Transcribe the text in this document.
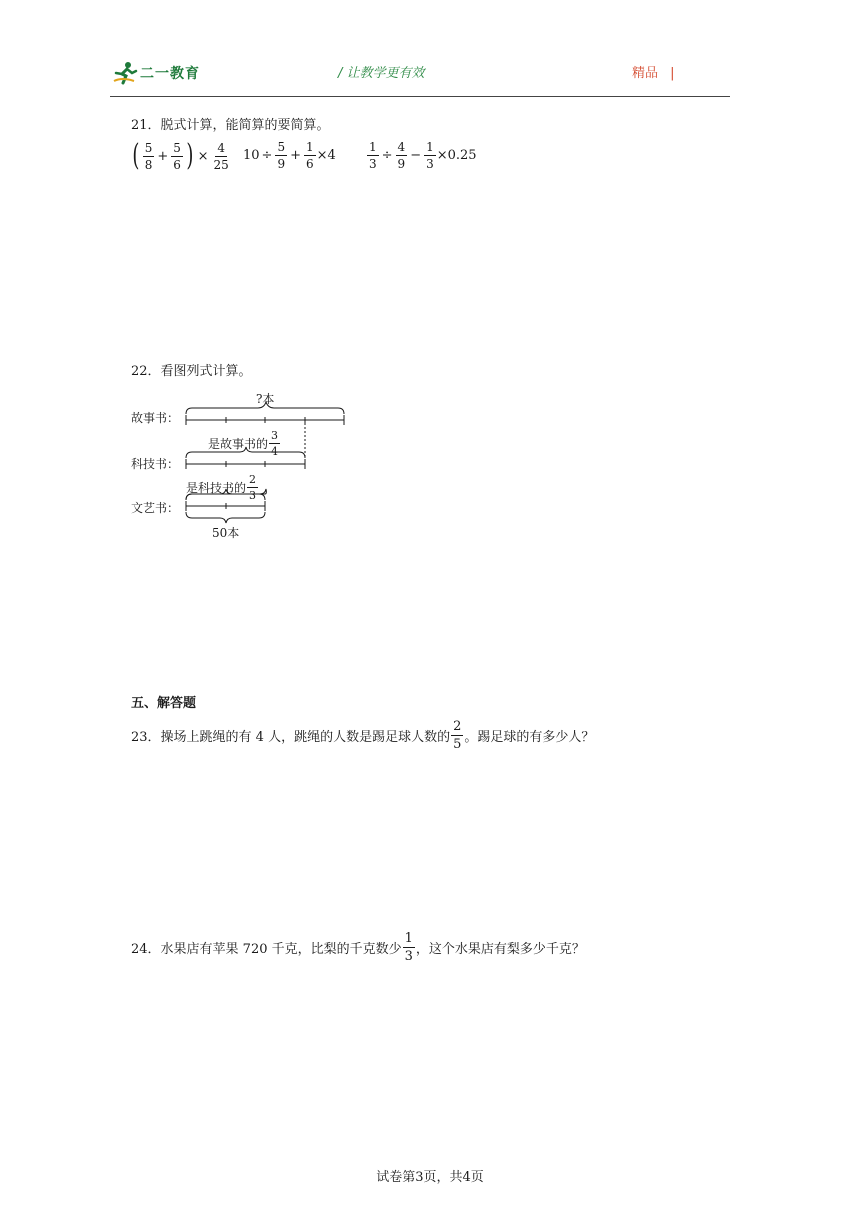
二一教育	/ 让教学更有效	精品 |
21．脱式计算，能简算的要简算。
( $\frac{5}{8} + \frac{5}{6}$ ) × $\frac{4}{25} 10 \div \frac{5}{9} + \frac{1}{6} \times 4$	$\frac{1}{3} \div \frac{4}{9} - \frac{1}{3} \times 0.25$
22．看图列式计算。
故事书：
?本
是故事书的 $\frac{3}{4}$
科技书：
是科技书的 $\frac{2}{3}$
文艺书：
50本
五、解答题
23．操场上跳绳的有 4 人，跳绳的人数是踢足球人数的 $\frac{2}{5}$ 。踢足球的有多少人？
24．水果店有苹果 720 千克，比梨的千克数少 $\frac{1}{3}$ ，这个水果店有梨多少千克？
试卷第3页，共4页
